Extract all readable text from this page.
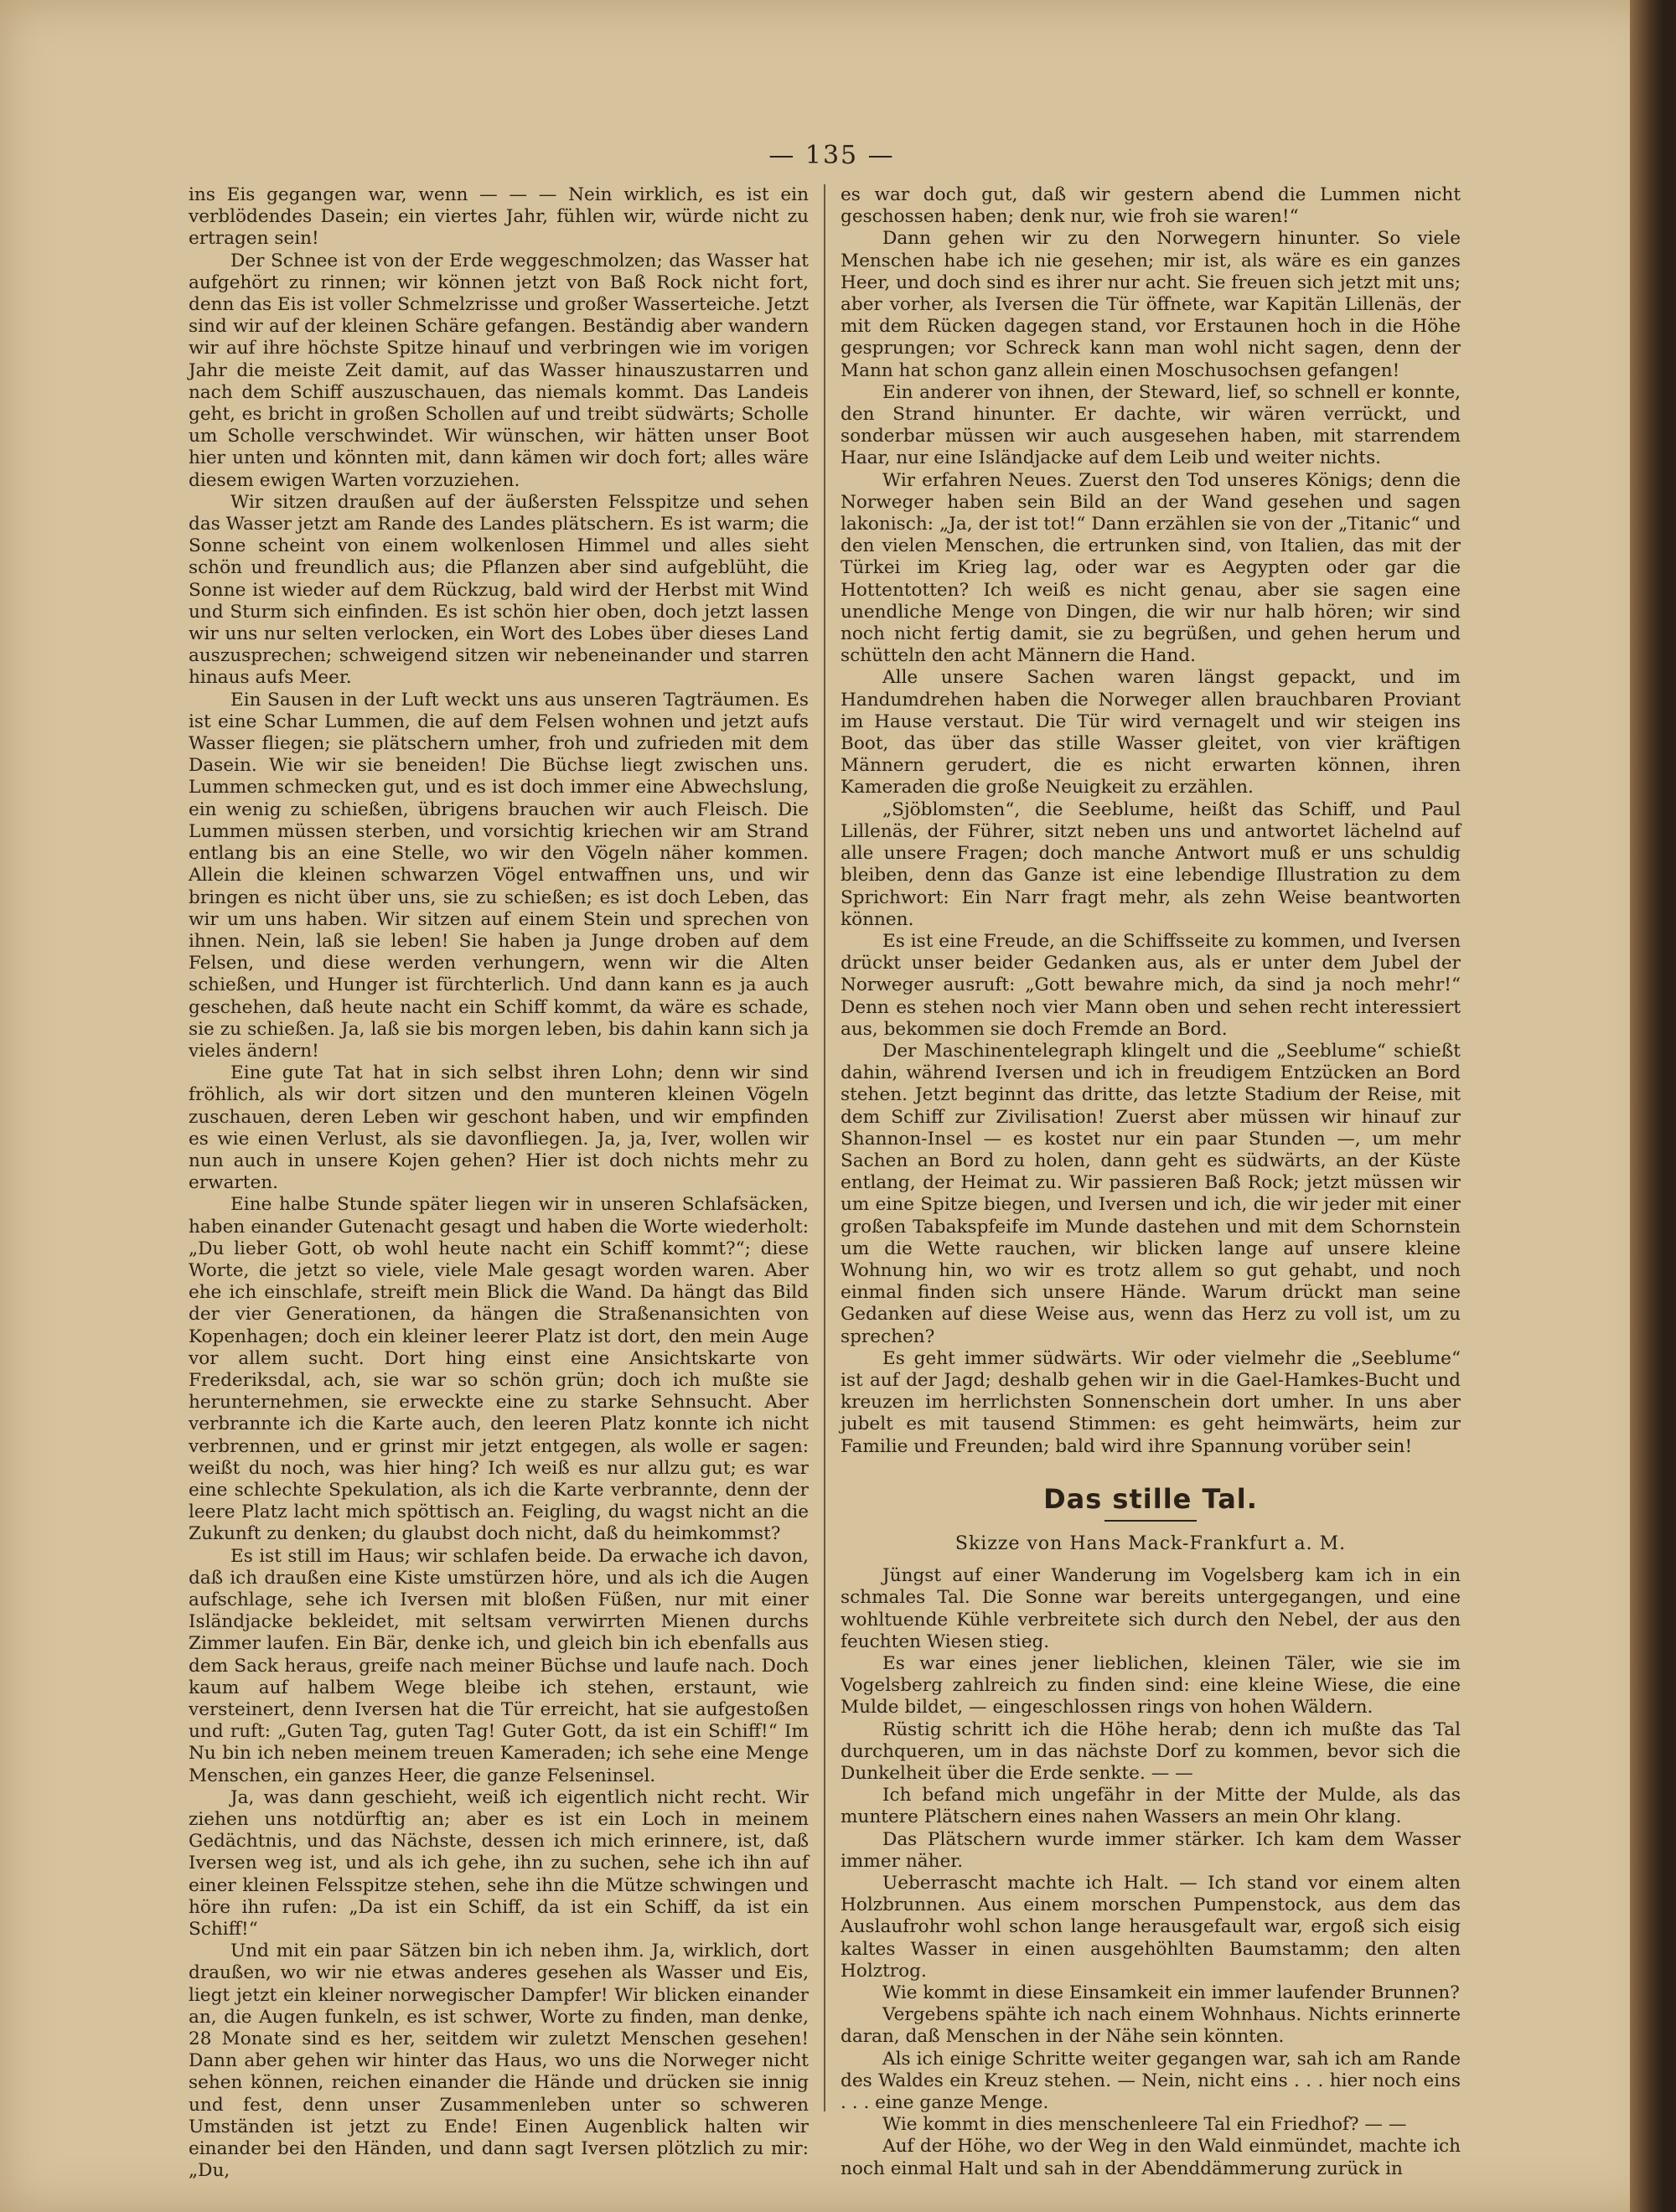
— 135 —

ins Eis gegangen war, wenn — — — Nein wirklich, es ist ein verblödendes Dasein; ein viertes Jahr, fühlen wir, würde nicht zu ertragen sein!

Der Schnee ist von der Erde weggeschmolzen; das Wasser hat aufgehört zu rinnen; wir können jetzt von Baß Rock nicht fort, denn das Eis ist voller Schmelzrisse und großer Wasserteiche. Jetzt sind wir auf der kleinen Schäre gefangen. Beständig aber wandern wir auf ihre höchste Spitze hinauf und verbringen wie im vorigen Jahr die meiste Zeit damit, auf das Wasser hinauszustarren und nach dem Schiff auszuschauen, das niemals kommt. Das Landeis geht, es bricht in großen Schollen auf und treibt südwärts; Scholle um Scholle verschwindet. Wir wünschen, wir hätten unser Boot hier unten und könnten mit, dann kämen wir doch fort; alles wäre diesem ewigen Warten vorzuziehen.

Wir sitzen draußen auf der äußersten Felsspitze und sehen das Wasser jetzt am Rande des Landes plätschern. Es ist warm; die Sonne scheint von einem wolkenlosen Himmel und alles sieht schön und freundlich aus; die Pflanzen aber sind aufgeblüht, die Sonne ist wieder auf dem Rückzug, bald wird der Herbst mit Wind und Sturm sich einfinden. Es ist schön hier oben, doch jetzt lassen wir uns nur selten verlocken, ein Wort des Lobes über dieses Land auszusprechen; schweigend sitzen wir nebeneinander und starren hinaus aufs Meer.

Ein Sausen in der Luft weckt uns aus unseren Tagträumen. Es ist eine Schar Lummen, die auf dem Felsen wohnen und jetzt aufs Wasser fliegen; sie plätschern umher, froh und zufrieden mit dem Dasein. Wie wir sie beneiden! Die Büchse liegt zwischen uns. Lummen schmecken gut, und es ist doch immer eine Abwechslung, ein wenig zu schießen, übrigens brauchen wir auch Fleisch. Die Lummen müssen sterben, und vorsichtig kriechen wir am Strand entlang bis an eine Stelle, wo wir den Vögeln näher kommen. Allein die kleinen schwarzen Vögel entwaffnen uns, und wir bringen es nicht über uns, sie zu schießen; es ist doch Leben, das wir um uns haben. Wir sitzen auf einem Stein und sprechen von ihnen. Nein, laß sie leben! Sie haben ja Junge droben auf dem Felsen, und diese werden verhungern, wenn wir die Alten schießen, und Hunger ist fürchterlich. Und dann kann es ja auch geschehen, daß heute nacht ein Schiff kommt, da wäre es schade, sie zu schießen. Ja, laß sie bis morgen leben, bis dahin kann sich ja vieles ändern!

Eine gute Tat hat in sich selbst ihren Lohn; denn wir sind fröhlich, als wir dort sitzen und den munteren kleinen Vögeln zuschauen, deren Leben wir geschont haben, und wir empfinden es wie einen Verlust, als sie davonfliegen. Ja, ja, Iver, wollen wir nun auch in unsere Kojen gehen? Hier ist doch nichts mehr zu erwarten.

Eine halbe Stunde später liegen wir in unseren Schlafsäcken, haben einander Gutenacht gesagt und haben die Worte wiederholt: „Du lieber Gott, ob wohl heute nacht ein Schiff kommt?“; diese Worte, die jetzt so viele, viele Male gesagt worden waren. Aber ehe ich einschlafe, streift mein Blick die Wand. Da hängt das Bild der vier Generationen, da hängen die Straßenansichten von Kopenhagen; doch ein kleiner leerer Platz ist dort, den mein Auge vor allem sucht. Dort hing einst eine Ansichtskarte von Frederiksdal, ach, sie war so schön grün; doch ich mußte sie herunternehmen, sie erweckte eine zu starke Sehnsucht. Aber verbrannte ich die Karte auch, den leeren Platz konnte ich nicht verbrennen, und er grinst mir jetzt entgegen, als wolle er sagen: weißt du noch, was hier hing? Ich weiß es nur allzu gut; es war eine schlechte Spekulation, als ich die Karte verbrannte, denn der leere Platz lacht mich spöttisch an. Feigling, du wagst nicht an die Zukunft zu denken; du glaubst doch nicht, daß du heimkommst?

Es ist still im Haus; wir schlafen beide. Da erwache ich davon, daß ich draußen eine Kiste umstürzen höre, und als ich die Augen aufschlage, sehe ich Iversen mit bloßen Füßen, nur mit einer Isländjacke bekleidet, mit seltsam verwirrten Mienen durchs Zimmer laufen. Ein Bär, denke ich, und gleich bin ich ebenfalls aus dem Sack heraus, greife nach meiner Büchse und laufe nach. Doch kaum auf halbem Wege bleibe ich stehen, erstaunt, wie versteinert, denn Iversen hat die Tür erreicht, hat sie aufgestoßen und ruft: „Guten Tag, guten Tag! Guter Gott, da ist ein Schiff!“ Im Nu bin ich neben meinem treuen Kameraden; ich sehe eine Menge Menschen, ein ganzes Heer, die ganze Felseninsel.

Ja, was dann geschieht, weiß ich eigentlich nicht recht. Wir ziehen uns notdürftig an; aber es ist ein Loch in meinem Gedächtnis, und das Nächste, dessen ich mich erinnere, ist, daß Iversen weg ist, und als ich gehe, ihn zu suchen, sehe ich ihn auf einer kleinen Felsspitze stehen, sehe ihn die Mütze schwingen und höre ihn rufen: „Da ist ein Schiff, da ist ein Schiff, da ist ein Schiff!“

Und mit ein paar Sätzen bin ich neben ihm. Ja, wirklich, dort draußen, wo wir nie etwas anderes gesehen als Wasser und Eis, liegt jetzt ein kleiner norwegischer Dampfer! Wir blicken einander an, die Augen funkeln, es ist schwer, Worte zu finden, man denke, 28 Monate sind es her, seitdem wir zuletzt Menschen gesehen! Dann aber gehen wir hinter das Haus, wo uns die Norweger nicht sehen können, reichen einander die Hände und drücken sie innig und fest, denn unser Zusammenleben unter so schweren Umständen ist jetzt zu Ende! Einen Augenblick halten wir einander bei den Händen, und dann sagt Iversen plötzlich zu mir: „Du,

es war doch gut, daß wir gestern abend die Lummen nicht geschossen haben; denk nur, wie froh sie waren!“

Dann gehen wir zu den Norwegern hinunter. So viele Menschen habe ich nie gesehen; mir ist, als wäre es ein ganzes Heer, und doch sind es ihrer nur acht. Sie freuen sich jetzt mit uns; aber vorher, als Iversen die Tür öffnete, war Kapitän Lillenäs, der mit dem Rücken dagegen stand, vor Erstaunen hoch in die Höhe gesprungen; vor Schreck kann man wohl nicht sagen, denn der Mann hat schon ganz allein einen Moschusochsen gefangen!

Ein anderer von ihnen, der Steward, lief, so schnell er konnte, den Strand hinunter. Er dachte, wir wären verrückt, und sonderbar müssen wir auch ausgesehen haben, mit starrendem Haar, nur eine Isländjacke auf dem Leib und weiter nichts.

Wir erfahren Neues. Zuerst den Tod unseres Königs; denn die Norweger haben sein Bild an der Wand gesehen und sagen lakonisch: „Ja, der ist tot!“ Dann erzählen sie von der „Titanic“ und den vielen Menschen, die ertrunken sind, von Italien, das mit der Türkei im Krieg lag, oder war es Aegypten oder gar die Hottentotten? Ich weiß es nicht genau, aber sie sagen eine unendliche Menge von Dingen, die wir nur halb hören; wir sind noch nicht fertig damit, sie zu begrüßen, und gehen herum und schütteln den acht Männern die Hand.

Alle unsere Sachen waren längst gepackt, und im Handumdrehen haben die Norweger allen brauchbaren Proviant im Hause verstaut. Die Tür wird vernagelt und wir steigen ins Boot, das über das stille Wasser gleitet, von vier kräftigen Männern gerudert, die es nicht erwarten können, ihren Kameraden die große Neuigkeit zu erzählen.

„Sjöblomsten“, die Seeblume, heißt das Schiff, und Paul Lillenäs, der Führer, sitzt neben uns und antwortet lächelnd auf alle unsere Fragen; doch manche Antwort muß er uns schuldig bleiben, denn das Ganze ist eine lebendige Illustration zu dem Sprichwort: Ein Narr fragt mehr, als zehn Weise beantworten können.

Es ist eine Freude, an die Schiffsseite zu kommen, und Iversen drückt unser beider Gedanken aus, als er unter dem Jubel der Norweger ausruft: „Gott bewahre mich, da sind ja noch mehr!“ Denn es stehen noch vier Mann oben und sehen recht interessiert aus, bekommen sie doch Fremde an Bord.

Der Maschinentelegraph klingelt und die „Seeblume“ schießt dahin, während Iversen und ich in freudigem Entzücken an Bord stehen. Jetzt beginnt das dritte, das letzte Stadium der Reise, mit dem Schiff zur Zivilisation! Zuerst aber müssen wir hinauf zur Shannon-Insel — es kostet nur ein paar Stunden —, um mehr Sachen an Bord zu holen, dann geht es südwärts, an der Küste entlang, der Heimat zu. Wir passieren Baß Rock; jetzt müssen wir um eine Spitze biegen, und Iversen und ich, die wir jeder mit einer großen Tabakspfeife im Munde dastehen und mit dem Schornstein um die Wette rauchen, wir blicken lange auf unsere kleine Wohnung hin, wo wir es trotz allem so gut gehabt, und noch einmal finden sich unsere Hände. Warum drückt man seine Gedanken auf diese Weise aus, wenn das Herz zu voll ist, um zu sprechen?

Es geht immer südwärts. Wir oder vielmehr die „Seeblume“ ist auf der Jagd; deshalb gehen wir in die Gael-Hamkes-Bucht und kreuzen im herrlichsten Sonnenschein dort umher. In uns aber jubelt es mit tausend Stimmen: es geht heimwärts, heim zur Familie und Freunden; bald wird ihre Spannung vorüber sein!

Das stille Tal.
Skizze von Hans Mack-Frankfurt a. M.

Jüngst auf einer Wanderung im Vogelsberg kam ich in ein schmales Tal. Die Sonne war bereits untergegangen, und eine wohltuende Kühle verbreitete sich durch den Nebel, der aus den feuchten Wiesen stieg.

Es war eines jener lieblichen, kleinen Täler, wie sie im Vogelsberg zahlreich zu finden sind: eine kleine Wiese, die eine Mulde bildet, — eingeschlossen rings von hohen Wäldern.

Rüstig schritt ich die Höhe herab; denn ich mußte das Tal durchqueren, um in das nächste Dorf zu kommen, bevor sich die Dunkelheit über die Erde senkte. — —

Ich befand mich ungefähr in der Mitte der Mulde, als das muntere Plätschern eines nahen Wassers an mein Ohr klang.

Das Plätschern wurde immer stärker. Ich kam dem Wasser immer näher.

Ueberrascht machte ich Halt. — Ich stand vor einem alten Holzbrunnen. Aus einem morschen Pumpenstock, aus dem das Auslaufrohr wohl schon lange herausgefault war, ergoß sich eisig kaltes Wasser in einen ausgehöhlten Baumstamm; den alten Holztrog.

Wie kommt in diese Einsamkeit ein immer laufender Brunnen?

Vergebens spähte ich nach einem Wohnhaus. Nichts erinnerte daran, daß Menschen in der Nähe sein könnten.

Als ich einige Schritte weiter gegangen war, sah ich am Rande des Waldes ein Kreuz stehen. — Nein, nicht eins . . . hier noch eins . . . eine ganze Menge.

Wie kommt in dies menschenleere Tal ein Friedhof? — —

Auf der Höhe, wo der Weg in den Wald einmündet, machte ich noch einmal Halt und sah in der Abenddämmerung zurück in
